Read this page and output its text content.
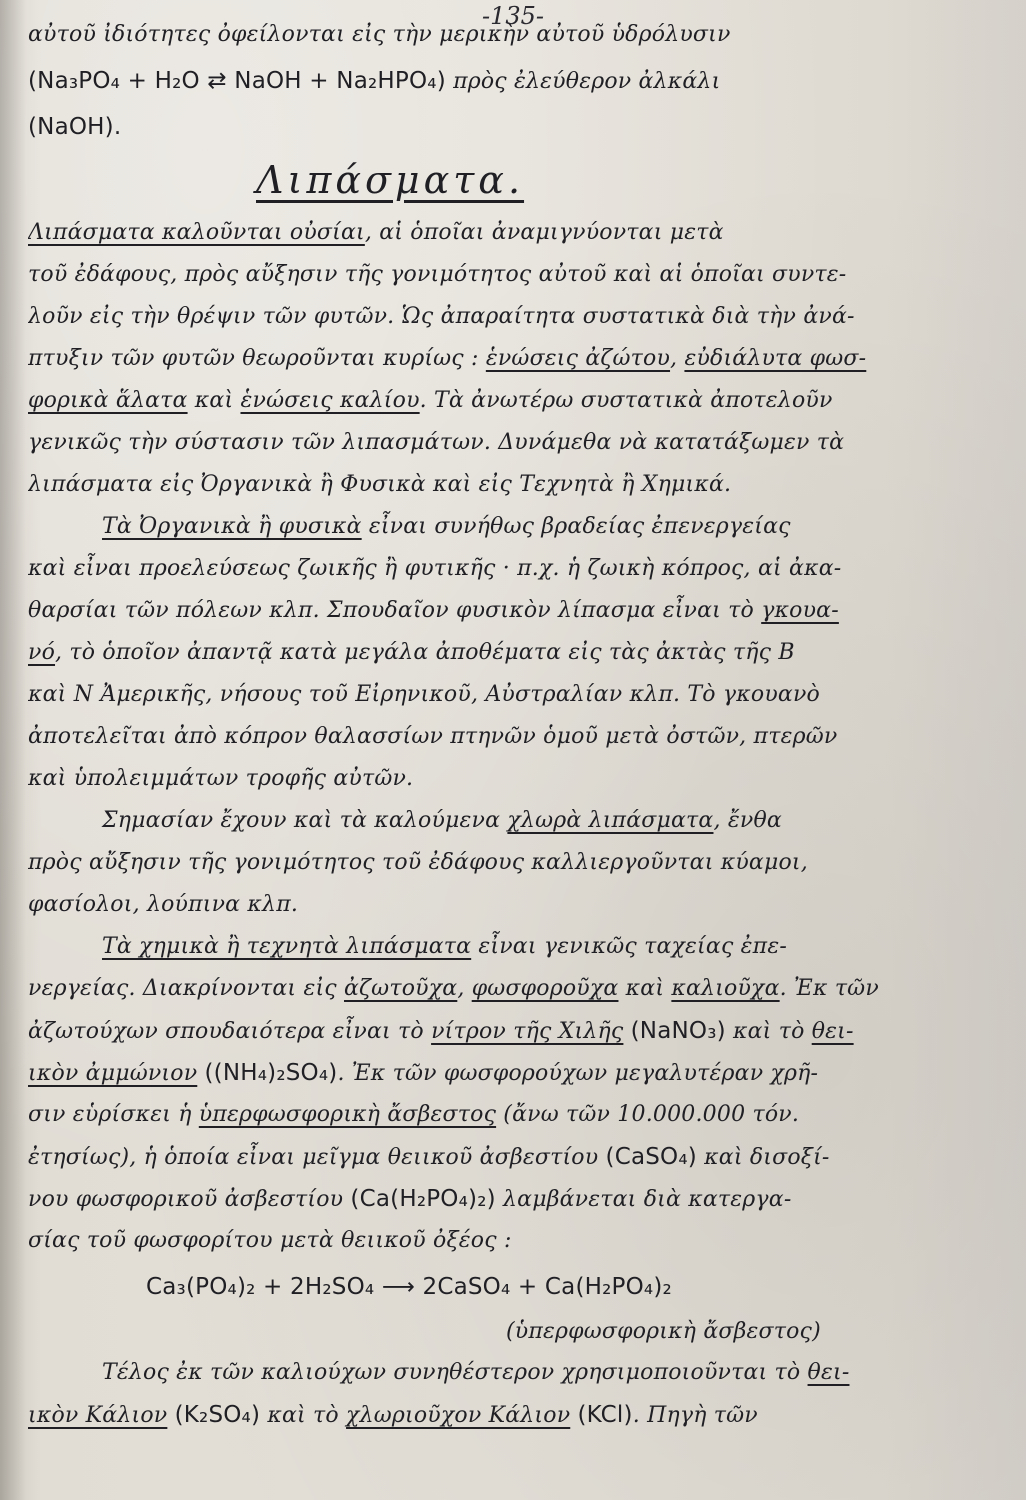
-135-
αὐτοῦ ἰδιότητες ὀφείλονται εἰς τὴν μερικὴν αὐτοῦ ὑδρόλυσιν
(Na₃PO₄ + H₂O ⇄ NaOH + Na₂HPO₄) πρὸς ἐλεύθερον ἀλκάλι
(NaOH).
Λιπάσματα.
Λιπάσματα καλοῦνται οὐσίαι, αἱ ὁποῖαι ἀναμιγνύονται μετὰ
τοῦ ἐδάφους, πρὸς αὔξησιν τῆς γονιμότητος αὐτοῦ καὶ αἱ ὁποῖαι συντε-
λοῦν εἰς τὴν θρέψιν τῶν φυτῶν. Ὡς ἀπαραίτητα συστατικὰ διὰ τὴν ἀνά-
πτυξιν τῶν φυτῶν θεωροῦνται κυρίως : ἑνώσεις ἀζώτου, εὐδιάλυτα φωσ-
φορικὰ ἅλατα καὶ ἑνώσεις καλίου. Τὰ ἀνωτέρω συστατικὰ ἀποτελοῦν
γενικῶς τὴν σύστασιν τῶν λιπασμάτων. Δυνάμεθα νὰ κατατάξωμεν τὰ
λιπάσματα εἰς Ὀργανικὰ ἢ Φυσικὰ καὶ εἰς Τεχνητὰ ἢ Χημικά.
Τὰ Ὀργανικὰ ἢ φυσικὰ εἶναι συνήθως βραδείας ἐπενεργείας
καὶ εἶναι προελεύσεως ζωικῆς ἢ φυτικῆς · π.χ. ἡ ζωικὴ κόπρος, αἱ ἀκα-
θαρσίαι τῶν πόλεων κλπ. Σπουδαῖον φυσικὸν λίπασμα εἶναι τὸ γκουα-
νό, τὸ ὁποῖον ἀπαντᾷ κατὰ μεγάλα ἀποθέματα εἰς τὰς ἀκτὰς τῆς Β
καὶ Ν Ἀμερικῆς, νήσους τοῦ Εἰρηνικοῦ, Αὐστραλίαν κλπ. Τὸ γκουανὸ
ἀποτελεῖται ἀπὸ κόπρον θαλασσίων πτηνῶν ὁμοῦ μετὰ ὀστῶν, πτερῶν
καὶ ὑπολειμμάτων τροφῆς αὐτῶν.
Σημασίαν ἔχουν καὶ τὰ καλούμενα χλωρὰ λιπάσματα, ἔνθα
πρὸς αὔξησιν τῆς γονιμότητος τοῦ ἐδάφους καλλιεργοῦνται κύαμοι,
φασίολοι, λούπινα κλπ.
Τὰ χημικὰ ἢ τεχνητὰ λιπάσματα εἶναι γενικῶς ταχείας ἐπε-
νεργείας. Διακρίνονται εἰς ἀζωτοῦχα, φωσφοροῦχα καὶ καλιοῦχα. Ἐκ τῶν
ἀζωτούχων σπουδαιότερα εἶναι τὸ νίτρον τῆς Χιλῆς (NaNO₃) καὶ τὸ θει-
ικὸν ἀμμώνιον ((NH₄)₂SO₄). Ἐκ τῶν φωσφορούχων μεγαλυτέραν χρῆ-
σιν εὑρίσκει ἡ ὑπερφωσφορικὴ ἄσβεστος (ἄνω τῶν 10.000.000 τόν.
ἐτησίως), ἡ ὁποία εἶναι μεῖγμα θειικοῦ ἀσβεστίου (CaSO₄) καὶ δισοξί-
νου φωσφορικοῦ ἀσβεστίου (Ca(H₂PO₄)₂) λαμβάνεται διὰ κατεργα-
σίας τοῦ φωσφορίτου μετὰ θειικοῦ ὀξέος :
Ca₃(PO₄)₂ + 2H₂SO₄ ⟶ 2CaSO₄ + Ca(H₂PO₄)₂
(ὑπερφωσφορικὴ ἄσβεστος)
Τέλος ἐκ τῶν καλιούχων συνηθέστερον χρησιμοποιοῦνται τὸ θει-
ικὸν Κάλιον (K₂SO₄) καὶ τὸ χλωριοῦχον Κάλιον (KCl). Πηγὴ τῶν
